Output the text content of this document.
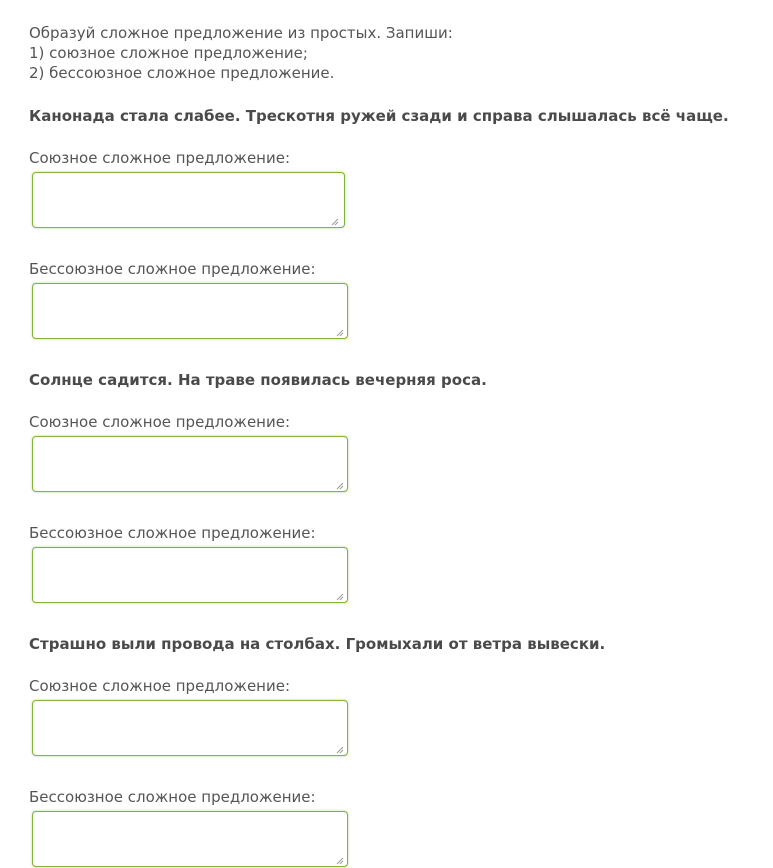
Образуй сложное предложение из простых. Запиши:
1) союзное сложное предложение;
2) бессоюзное сложное предложение.
Канонада стала слабее. Трескотня ружей сзади и справа слышалась всё чаще.
Союзное сложное предложение:
Бессоюзное сложное предложение:
Солнце садится. На траве появилась вечерняя роса.
Союзное сложное предложение:
Бессоюзное сложное предложение:
Страшно выли провода на столбах. Громыхали от ветра вывески.
Союзное сложное предложение:
Бессоюзное сложное предложение:
